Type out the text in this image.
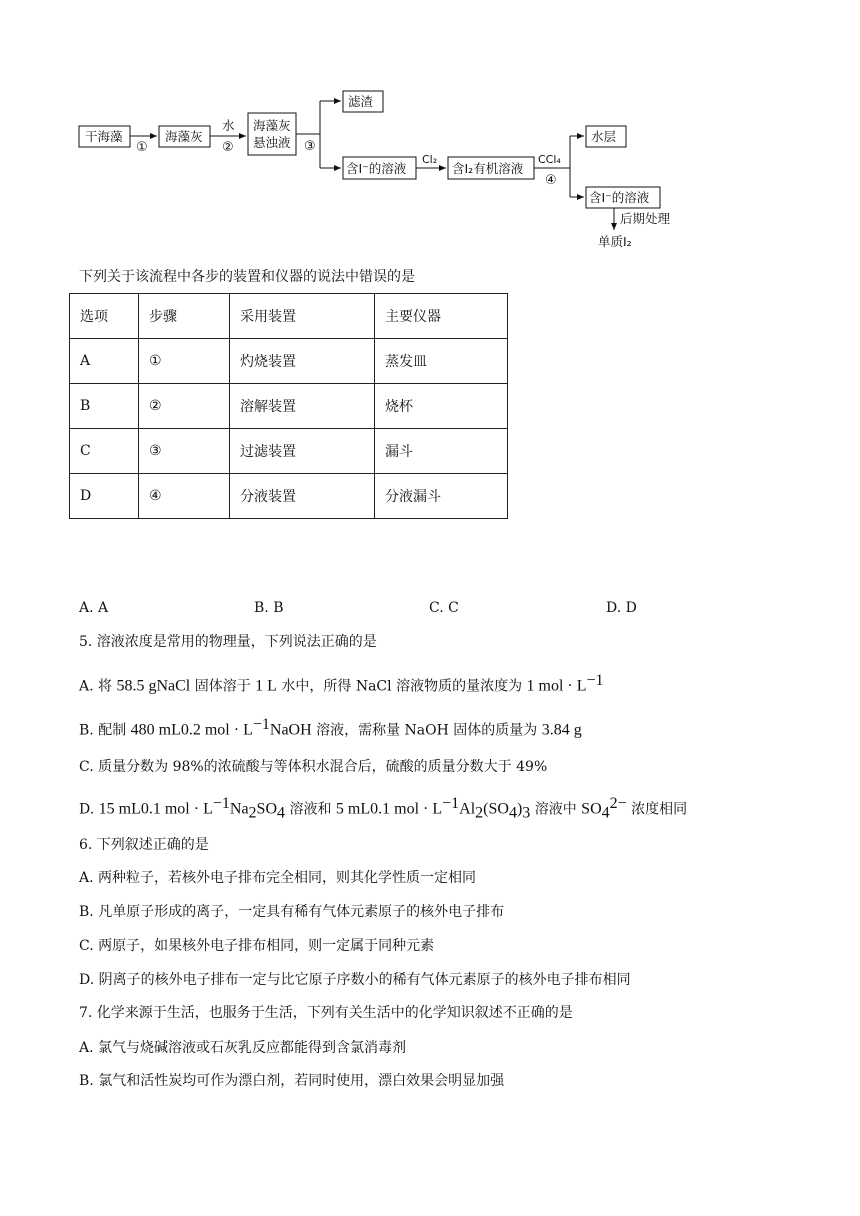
干海藻	海藻灰
海藻灰
悬浊液
滤渣
含I⁻的溶液	含I₂有机溶液
水层
含I⁻的溶液
①
水
②	③
Cl₂	CCl₄
④
后期处理
单质I₂
下列关于该流程中各步的装置和仪器的说法中错误的是
选项	步骤	采用装置	主要仪器
A	①	灼烧装置	蒸发皿
B	②	溶解装置	烧杯
C	③	过滤装置	漏斗
D	④	分液装置	分液漏斗
A. A	B. B	C. C	D. D
5. 溶液浓度是常用的物理量，下列说法正确的是
A. 将 58.5 gNaCl 固体溶于 1 L 水中，所得 NaCl 溶液物质的量浓度为 1 mol · $L^{-1}$
B. 配制 480 mL0.2 mol · $L^{-1}NaOH$ 溶液，需称量 NaOH 固体的质量为 3.84 g
C. 质量分数为 98%的浓硫酸与等体积水混合后，硫酸的质量分数大于 49%
D. 15 mL0.1 mol · $L^{-1}Na_2SO_4$ 溶液和 5 mL0.1 mol · $L^{-1}Al_2(SO_4)_3$ 溶液中 $SO_4^{2-}$ 浓度相同
6. 下列叙述正确的是
A. 两种粒子，若核外电子排布完全相同，则其化学性质一定相同
B. 凡单原子形成的离子，一定具有稀有气体元素原子的核外电子排布
C. 两原子，如果核外电子排布相同，则一定属于同种元素
D. 阴离子的核外电子排布一定与比它原子序数小的稀有气体元素原子的核外电子排布相同
7. 化学来源于生活，也服务于生活，下列有关生活中的化学知识叙述不正确的是
A. 氯气与烧碱溶液或石灰乳反应都能得到含氯消毒剂
B. 氯气和活性炭均可作为漂白剂，若同时使用，漂白效果会明显加强
